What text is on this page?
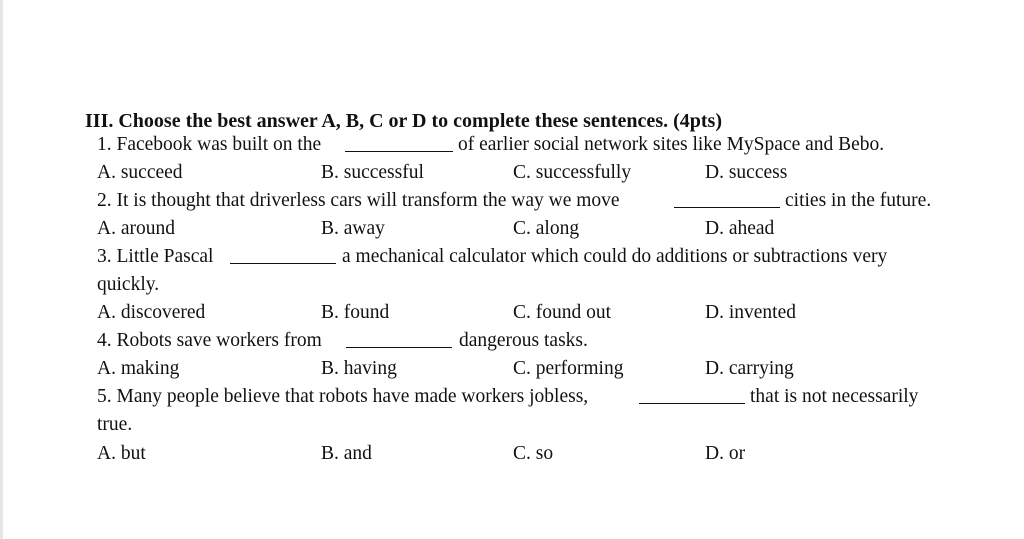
III. Choose the best answer A, B, C or D to complete these sentences. (4pts)
1. Facebook was built on the	of earlier social network sites like MySpace and Bebo.
A. succeed	B. successful	C. successfully	D. success
2. It is thought that driverless cars will transform the way we move	cities in the future.
A. around	B. away	C. along	D. ahead
3. Little Pascal	a mechanical calculator which could do additions or subtractions very
quickly.
A. discovered	B. found	C. found out	D. invented
4. Robots save workers from	dangerous tasks.
A. making	B. having	C. performing	D. carrying
5. Many people believe that robots have made workers jobless,	that is not necessarily
true.
A. but	B. and	C. so	D. or
